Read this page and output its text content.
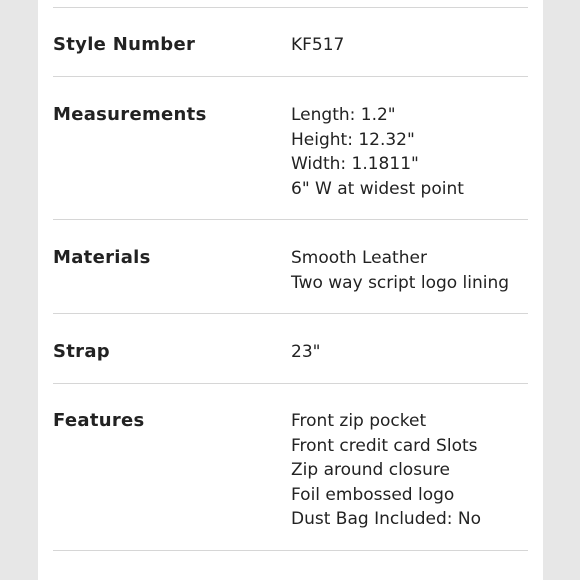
Style Number	KF517
Measurements	Length: 1.2"
Height: 12.32"
Width: 1.1811"
6" W at widest point
Materials	Smooth Leather
Two way script logo lining
Strap	23"
Features	Front zip pocket
Front credit card Slots
Zip around closure
Foil embossed logo
Dust Bag Included: No
